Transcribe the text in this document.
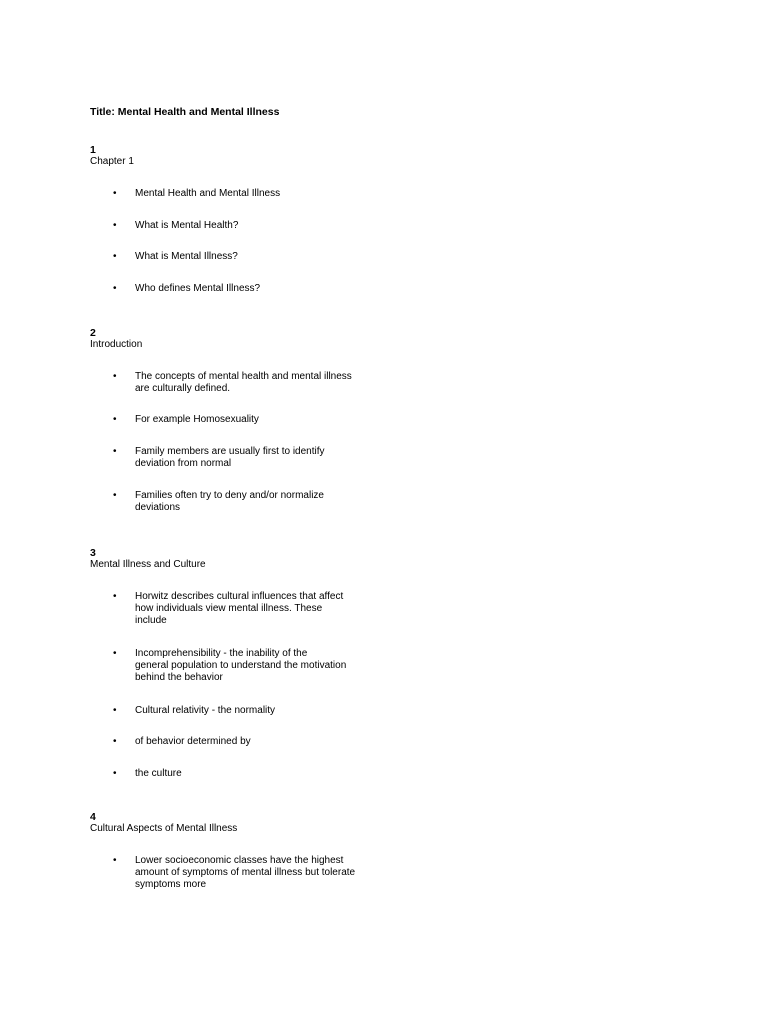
Title: Mental Health and Mental Illness
1
Chapter 1
• Mental Health and Mental Illness
• What is Mental Health?
• What is Mental Illness?
• Who defines Mental Illness?
2
Introduction
• The concepts of mental health and mental illness
are culturally defined.
• For example Homosexuality
• Family members are usually first to identify
deviation from normal
• Families often try to deny and/or normalize
deviations
3
Mental Illness and Culture
• Horwitz describes cultural influences that affect
how individuals view mental illness. These
include
• Incomprehensibility - the inability of the
general population to understand the motivation
behind the behavior
• Cultural relativity - the normality
• of behavior determined by
• the culture
4
Cultural Aspects of Mental Illness
• Lower socioeconomic classes have the highest
amount of symptoms of mental illness but tolerate
symptoms more
